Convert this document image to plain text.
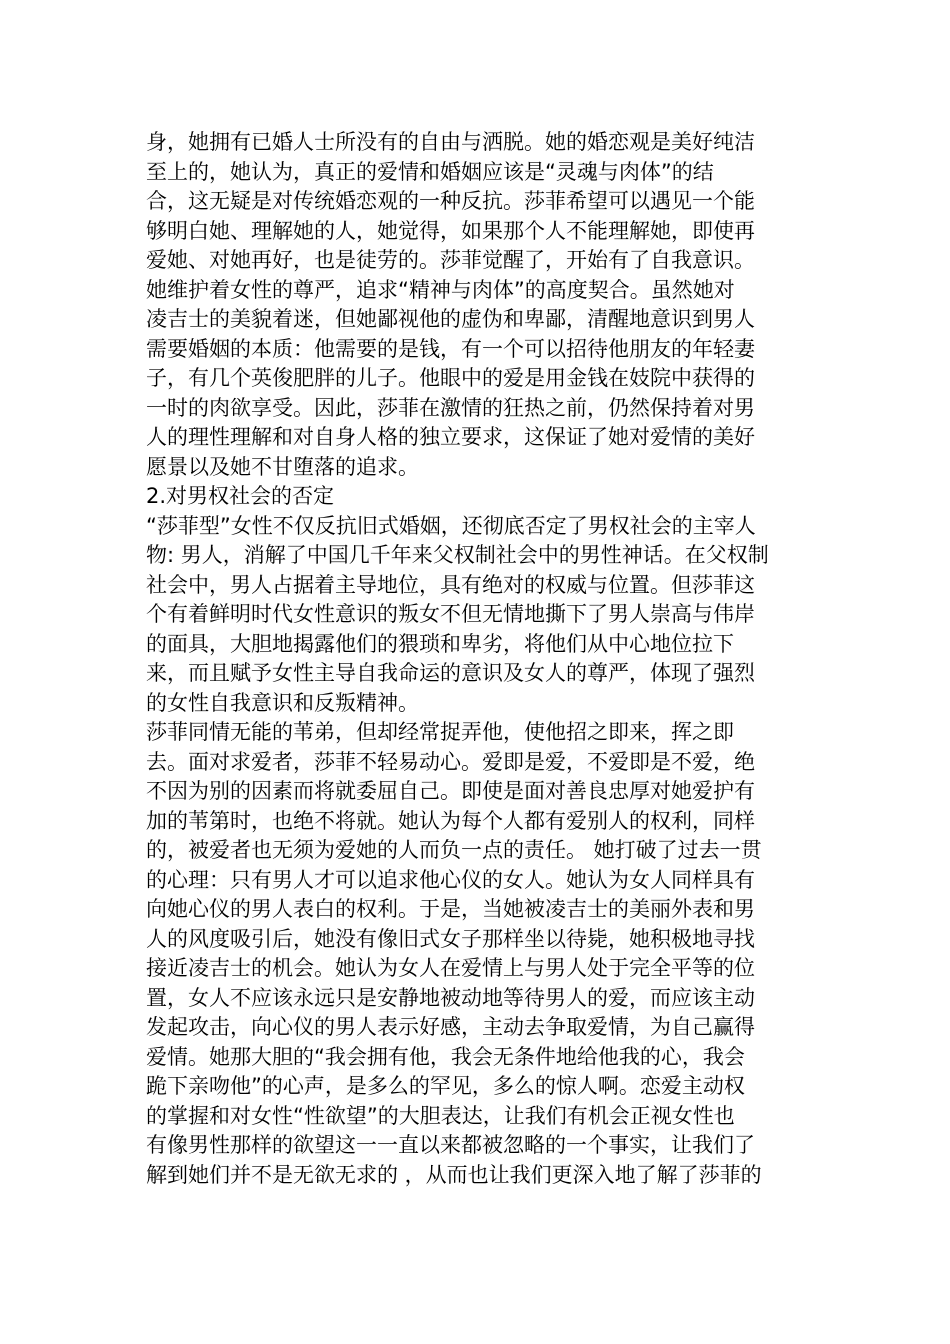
身，她拥有已婚人士所没有的自由与洒脱。她的婚恋观是美好纯洁
至上的，她认为，真正的爱情和婚姻应该是“灵魂与肉体”的结
合，这无疑是对传统婚恋观的一种反抗。莎菲希望可以遇见一个能
够明白她、理解她的人，她觉得，如果那个人不能理解她，即使再
爱她、对她再好，也是徒劳的。莎菲觉醒了，开始有了自我意识。
她维护着女性的尊严，追求“精神与肉体”的高度契合。虽然她对
凌吉士的美貌着迷，但她鄙视他的虚伪和卑鄙，清醒地意识到男人
需要婚姻的本质：他需要的是钱，有一个可以招待他朋友的年轻妻
子，有几个英俊肥胖的儿子。他眼中的爱是用金钱在妓院中获得的
一时的肉欲享受。因此，莎菲在激情的狂热之前，仍然保持着对男
人的理性理解和对自身人格的独立要求，这保证了她对爱情的美好
愿景以及她不甘堕落的追求。
2.对男权社会的否定
“莎菲型”女性不仅反抗旧式婚姻，还彻底否定了男权社会的主宰人
物: 男人，消解了中国几千年来父权制社会中的男性神话。在父权制
社会中，男人占据着主导地位，具有绝对的权威与位置。但莎菲这
个有着鲜明时代女性意识的叛女不但无情地撕下了男人崇高与伟岸
的面具，大胆地揭露他们的猥琐和卑劣，将他们从中心地位拉下
来，而且赋予女性主导自我命运的意识及女人的尊严，体现了强烈
的女性自我意识和反叛精神。
莎菲同情无能的苇弟，但却经常捉弄他，使他招之即来，挥之即
去。面对求爱者，莎菲不轻易动心。爱即是爱，不爱即是不爱，绝
不因为别的因素而将就委屈自己。即使是面对善良忠厚对她爱护有
加的苇第时，也绝不将就。她认为每个人都有爱别人的权利，同样
的，被爱者也无须为爱她的人而负一点的责任。 她打破了过去一贯
的心理：只有男人才可以追求他心仪的女人。她认为女人同样具有
向她心仪的男人表白的权利。于是，当她被凌吉士的美丽外表和男
人的风度吸引后，她没有像旧式女子那样坐以待毙，她积极地寻找
接近凌吉士的机会。她认为女人在爱情上与男人处于完全平等的位
置，女人不应该永远只是安静地被动地等待男人的爱，而应该主动
发起攻击，向心仪的男人表示好感，主动去争取爱情，为自己赢得
爱情。她那大胆的“我会拥有他，我会无条件地给他我的心，我会
跪下亲吻他”的心声，是多么的罕见，多么的惊人啊。恋爱主动权
的掌握和对女性“性欲望”的大胆表达，让我们有机会正视女性也
有像男性那样的欲望这一一直以来都被忽略的一个事实，让我们了
解到她们并不是无欲无求的 ，从而也让我们更深入地了解了莎菲的
